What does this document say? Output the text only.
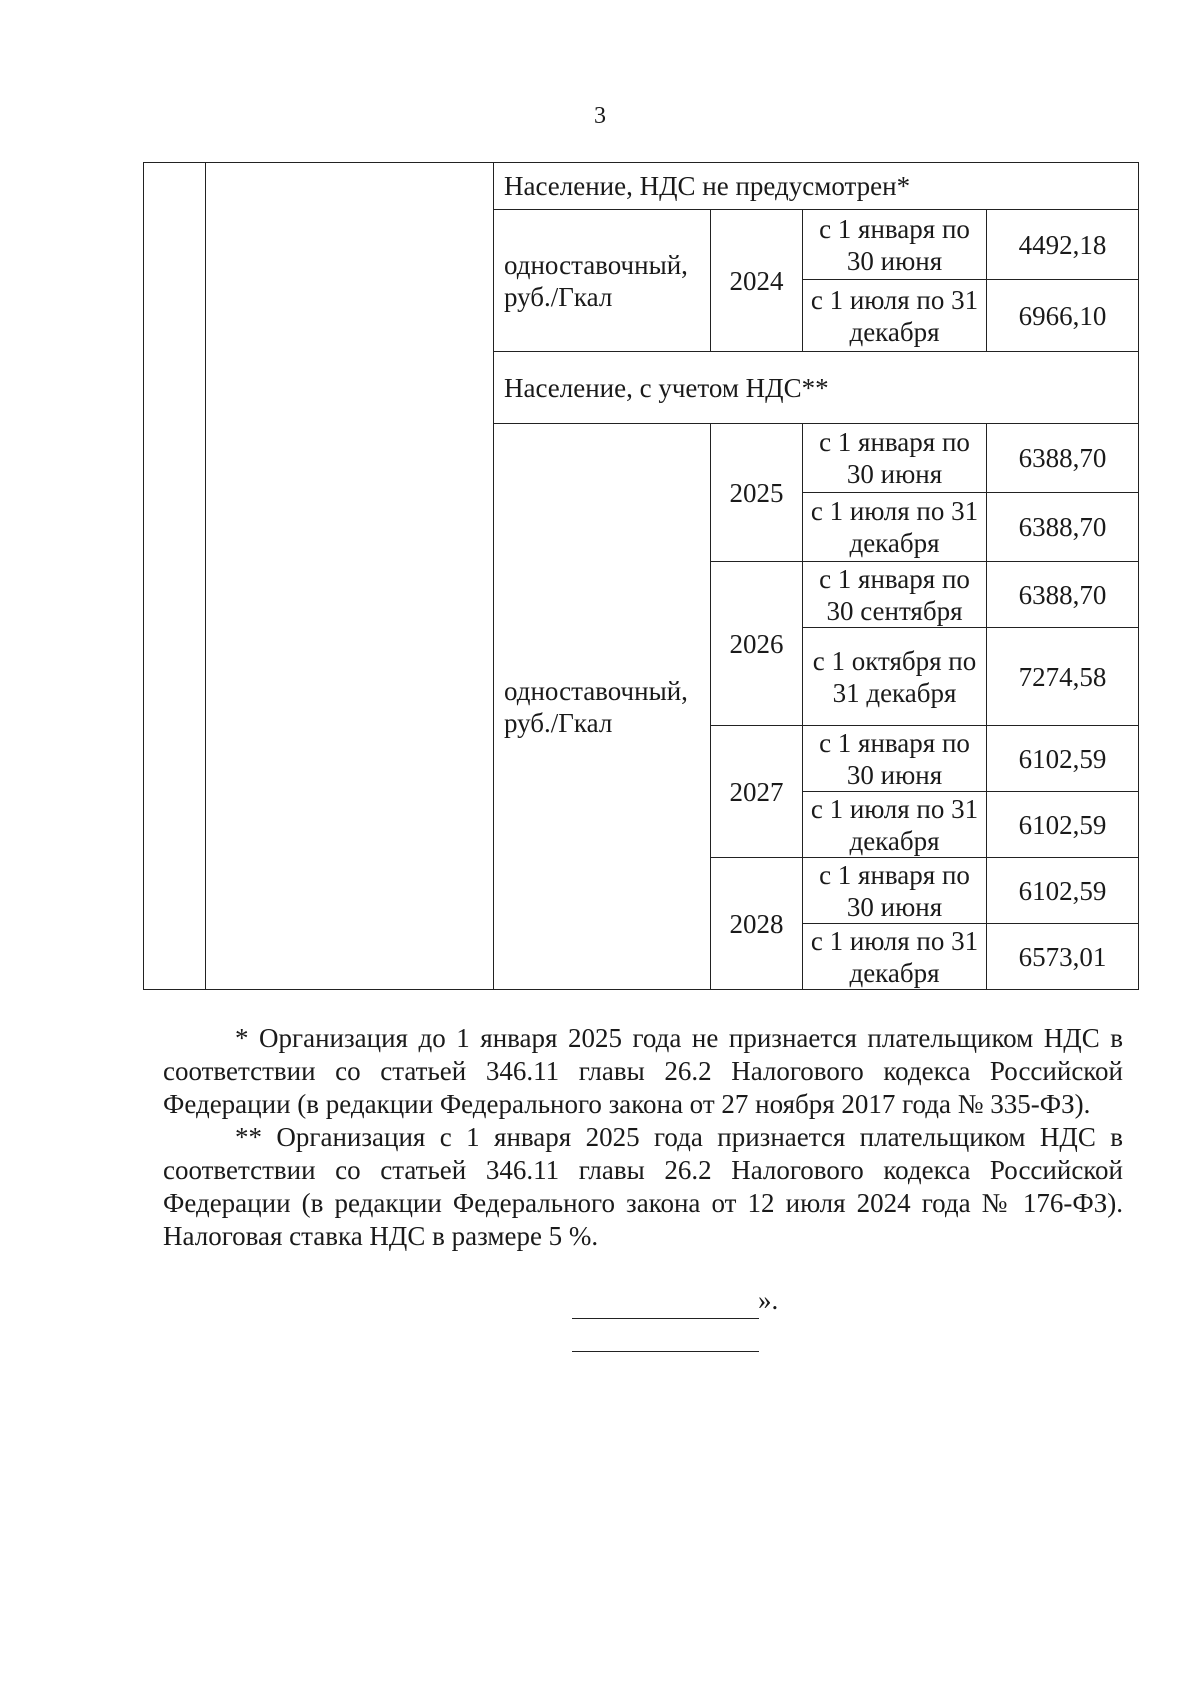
3
		Население, НДС не предусмотрен*			
		одноставочный, руб./Гкал	2024	с 1 января по 30 июня	4492,18
				с 1 июля по 31 декабря	6966,10
		Население, с учетом НДС**			
		одноставочный, руб./Гкал	2025	с 1 января по 30 июня	6388,70
				с 1 июля по 31 декабря	6388,70
			2026	с 1 января по 30 сентября	6388,70
				с 1 октября по 31 декабря	7274,58
			2027	с 1 января по 30 июня	6102,59
				с 1 июля по 31 декабря	6102,59
			2028	с 1 января по 30 июня	6102,59
				с 1 июля по 31 декабря	6573,01

* Организация до 1 января 2025 года не признается плательщиком НДС в соответствии со статьей 346.11 главы 26.2 Налогового кодекса Российской Федерации (в редакции Федерального закона от 27 ноября 2017 года № 335-ФЗ).

** Организация с 1 января 2025 года признается плательщиком НДС в соответствии со статьей 346.11 главы 26.2 Налогового кодекса Российской Федерации (в редакции Федерального закона от 12 июля 2024 года № 176-ФЗ). Налоговая ставка НДС в размере 5 %.

».
